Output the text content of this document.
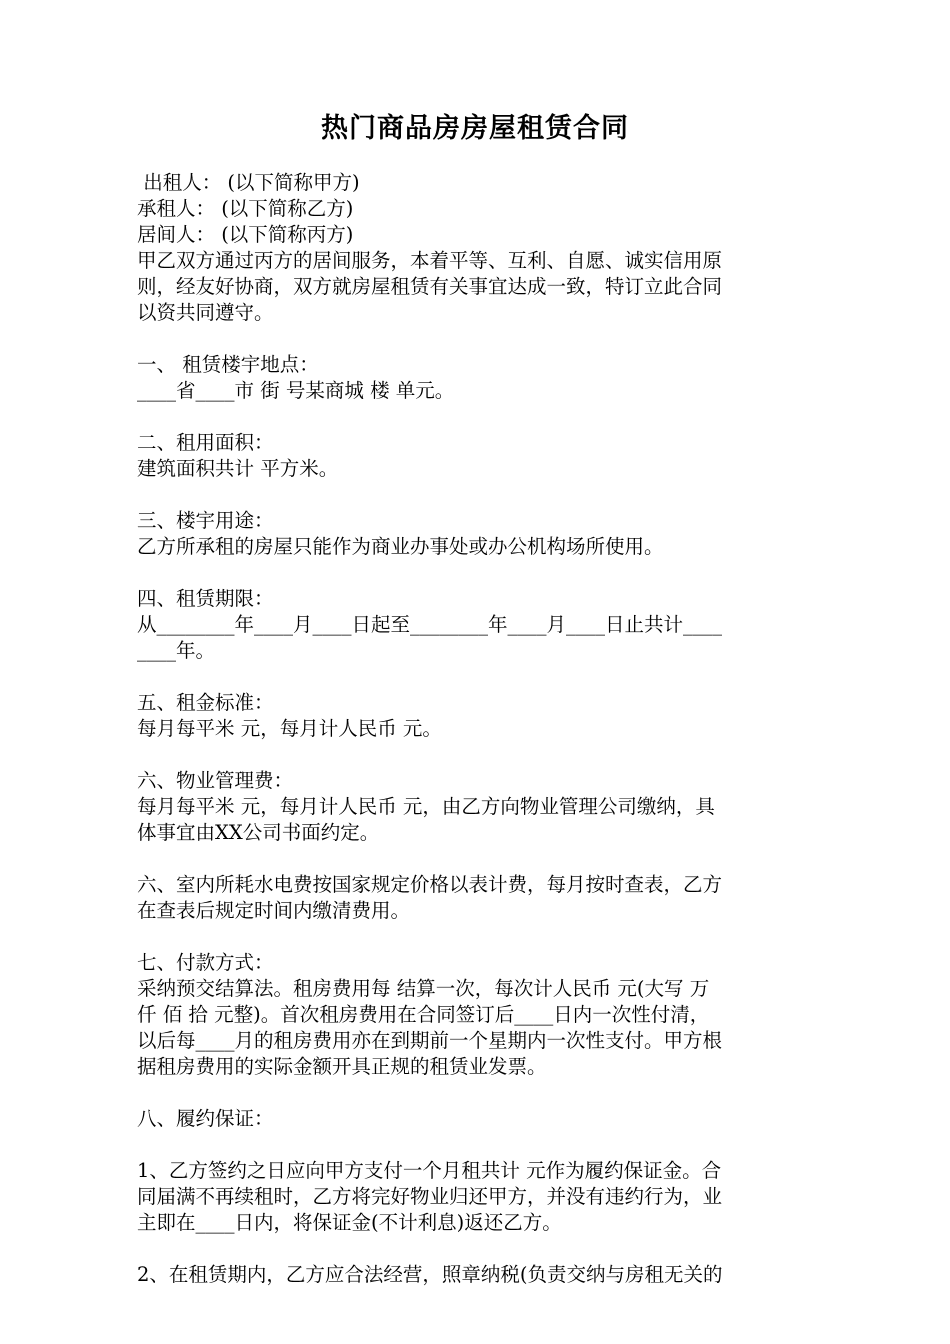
热门商品房房屋租赁合同
出租人： (以下简称甲方)
承租人： (以下简称乙方)
居间人： (以下简称丙方)
甲乙双方通过丙方的居间服务，本着平等、互利、自愿、诚实信用原
则，经友好协商，双方就房屋租赁有关事宜达成一致，特订立此合同
以资共同遵守。
一、 租赁楼宇地点：
____省____市 街 号某商城 楼 单元。
二、租用面积：
建筑面积共计 平方米。
三、楼宇用途：
乙方所承租的房屋只能作为商业办事处或办公机构场所使用。
四、租赁期限：
从________年____月____日起至________年____月____日止共计____
____年。
五、租金标准：
每月每平米 元，每月计人民币 元。
六、物业管理费：
每月每平米 元，每月计人民币 元，由乙方向物业管理公司缴纳，具
体事宜由XX公司书面约定。
六、室内所耗水电费按国家规定价格以表计费，每月按时查表，乙方
在查表后规定时间内缴清费用。
七、付款方式：
采纳预交结算法。租房费用每 结算一次，每次计人民币 元(大写 万
仟 佰 拾 元整)。首次租房费用在合同签订后____日内一次性付清，
以后每____月的租房费用亦在到期前一个星期内一次性支付。甲方根
据租房费用的实际金额开具正规的租赁业发票。
八、履约保证：
1、乙方签约之日应向甲方支付一个月租共计 元作为履约保证金。合
同届满不再续租时，乙方将完好物业归还甲方，并没有违约行为，业
主即在____日内，将保证金(不计利息)返还乙方。
2、在租赁期内，乙方应合法经营，照章纳税(负责交纳与房租无关的
